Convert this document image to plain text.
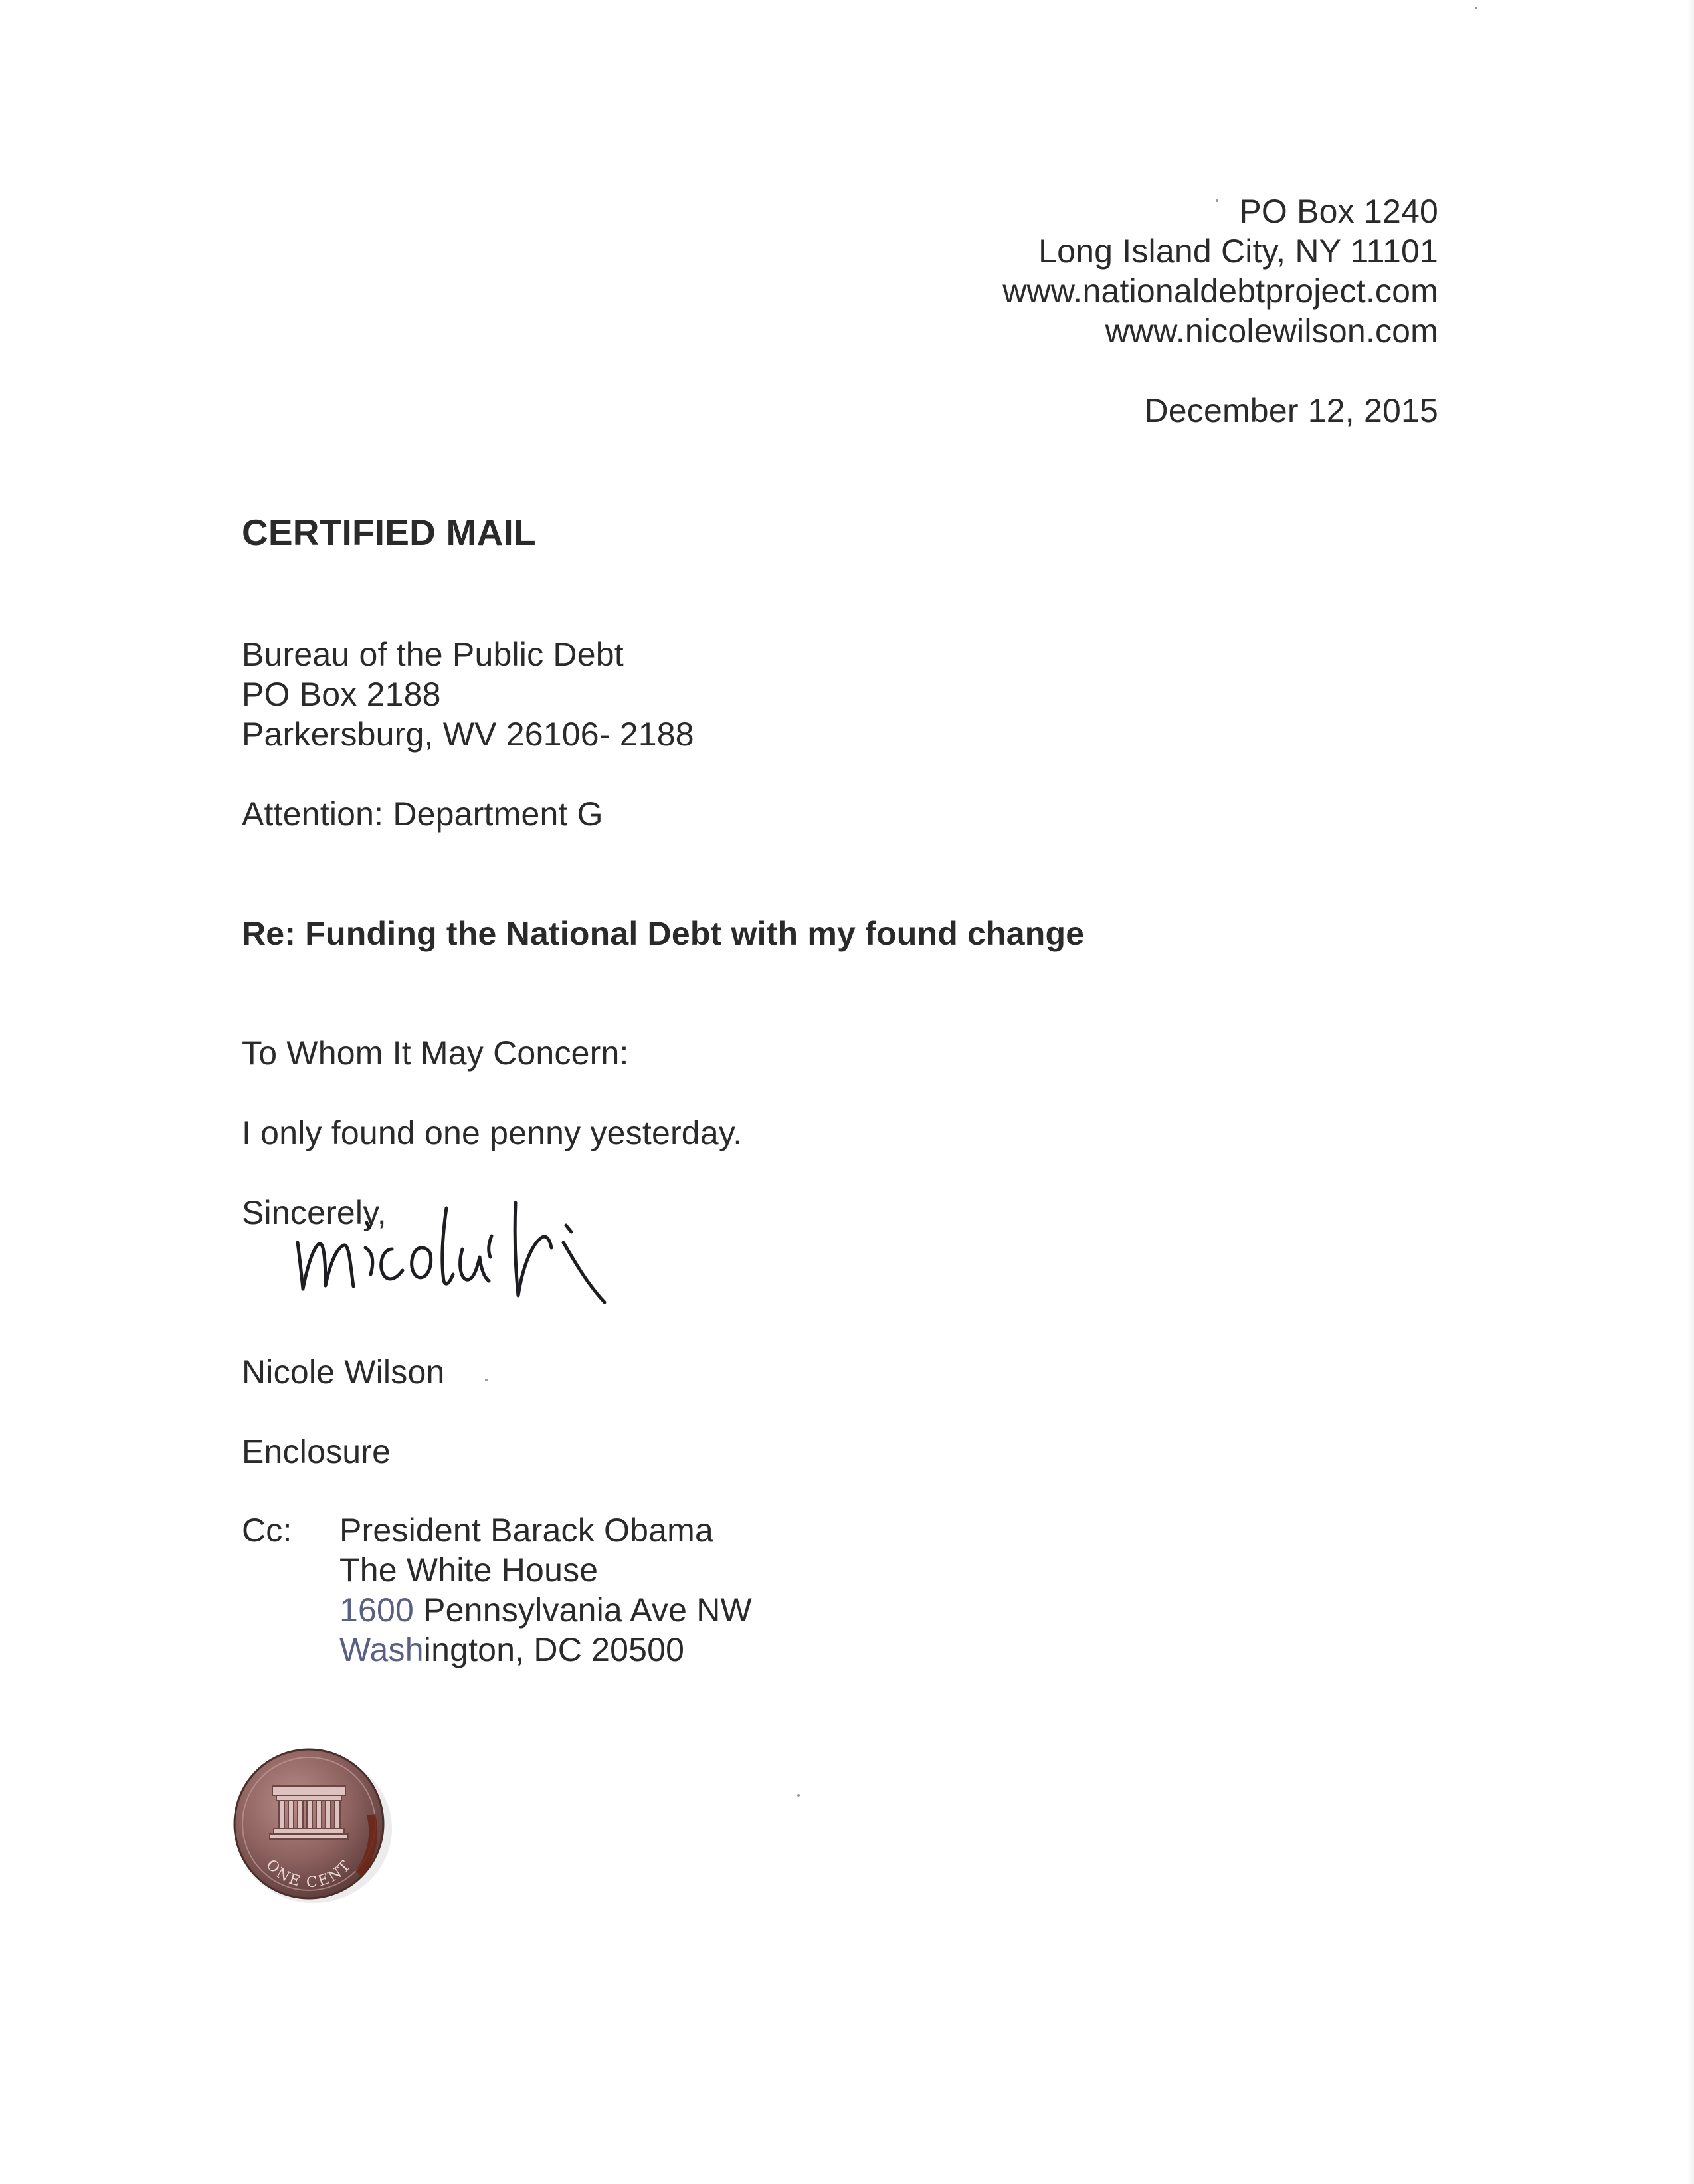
PO Box 1240
Long Island City, NY 11101
www.nationaldebtproject.com
www.nicolewilson.com
December 12, 2015
CERTIFIED MAIL
Bureau of the Public Debt
PO Box 2188
Parkersburg, WV 26106- 2188
Attention: Department G
Re: Funding the National Debt with my found change
To Whom It May Concern:
I only found one penny yesterday.
Sincerely,
Nicole Wilson
Enclosure
Cc: President Barack Obama
The White House
1600 Pennsylvania Ave NW
Washington, DC 20500
ONE CENT
